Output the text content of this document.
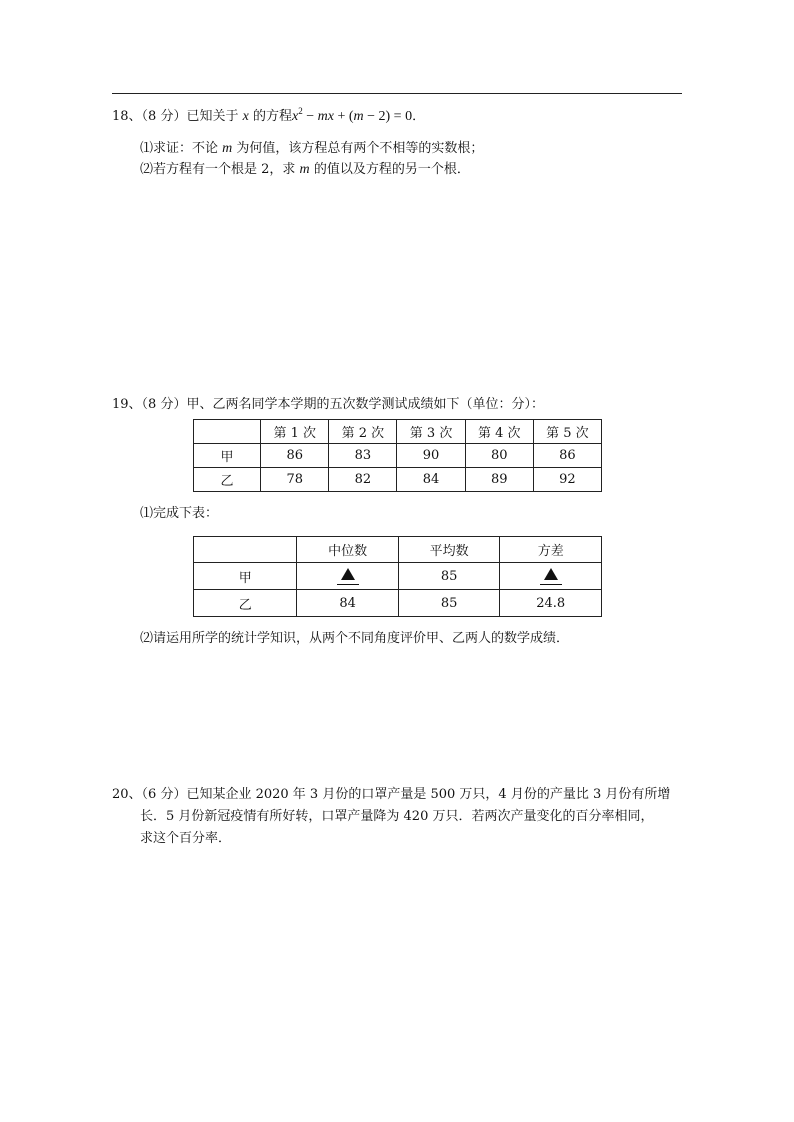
18、（8 分）已知关于 x 的方程$x^2$ − mx + (m − 2) = 0．
⑴求证：不论 m 为何值，该方程总有两个不相等的实数根；
⑵若方程有一个根是 2，求 m 的值以及方程的另一个根．
19、（8 分）甲、乙两名同学本学期的五次数学测试成绩如下（单位：分）：
	第 1 次	第 2 次	第 3 次	第 4 次	第 5 次
甲	86	83	90	80	86
乙	78	82	84	89	92
⑴完成下表：
	中位数	平均数	方差
甲		85	
乙	84	85	24.8
⑵请运用所学的统计学知识，从两个不同角度评价甲、乙两人的数学成绩．
20、（6 分）已知某企业 2020 年 3 月份的口罩产量是 500 万只，4 月份的产量比 3 月份有所增
长．5 月份新冠疫情有所好转，口罩产量降为 420 万只．若两次产量变化的百分率相同，
求这个百分率．
